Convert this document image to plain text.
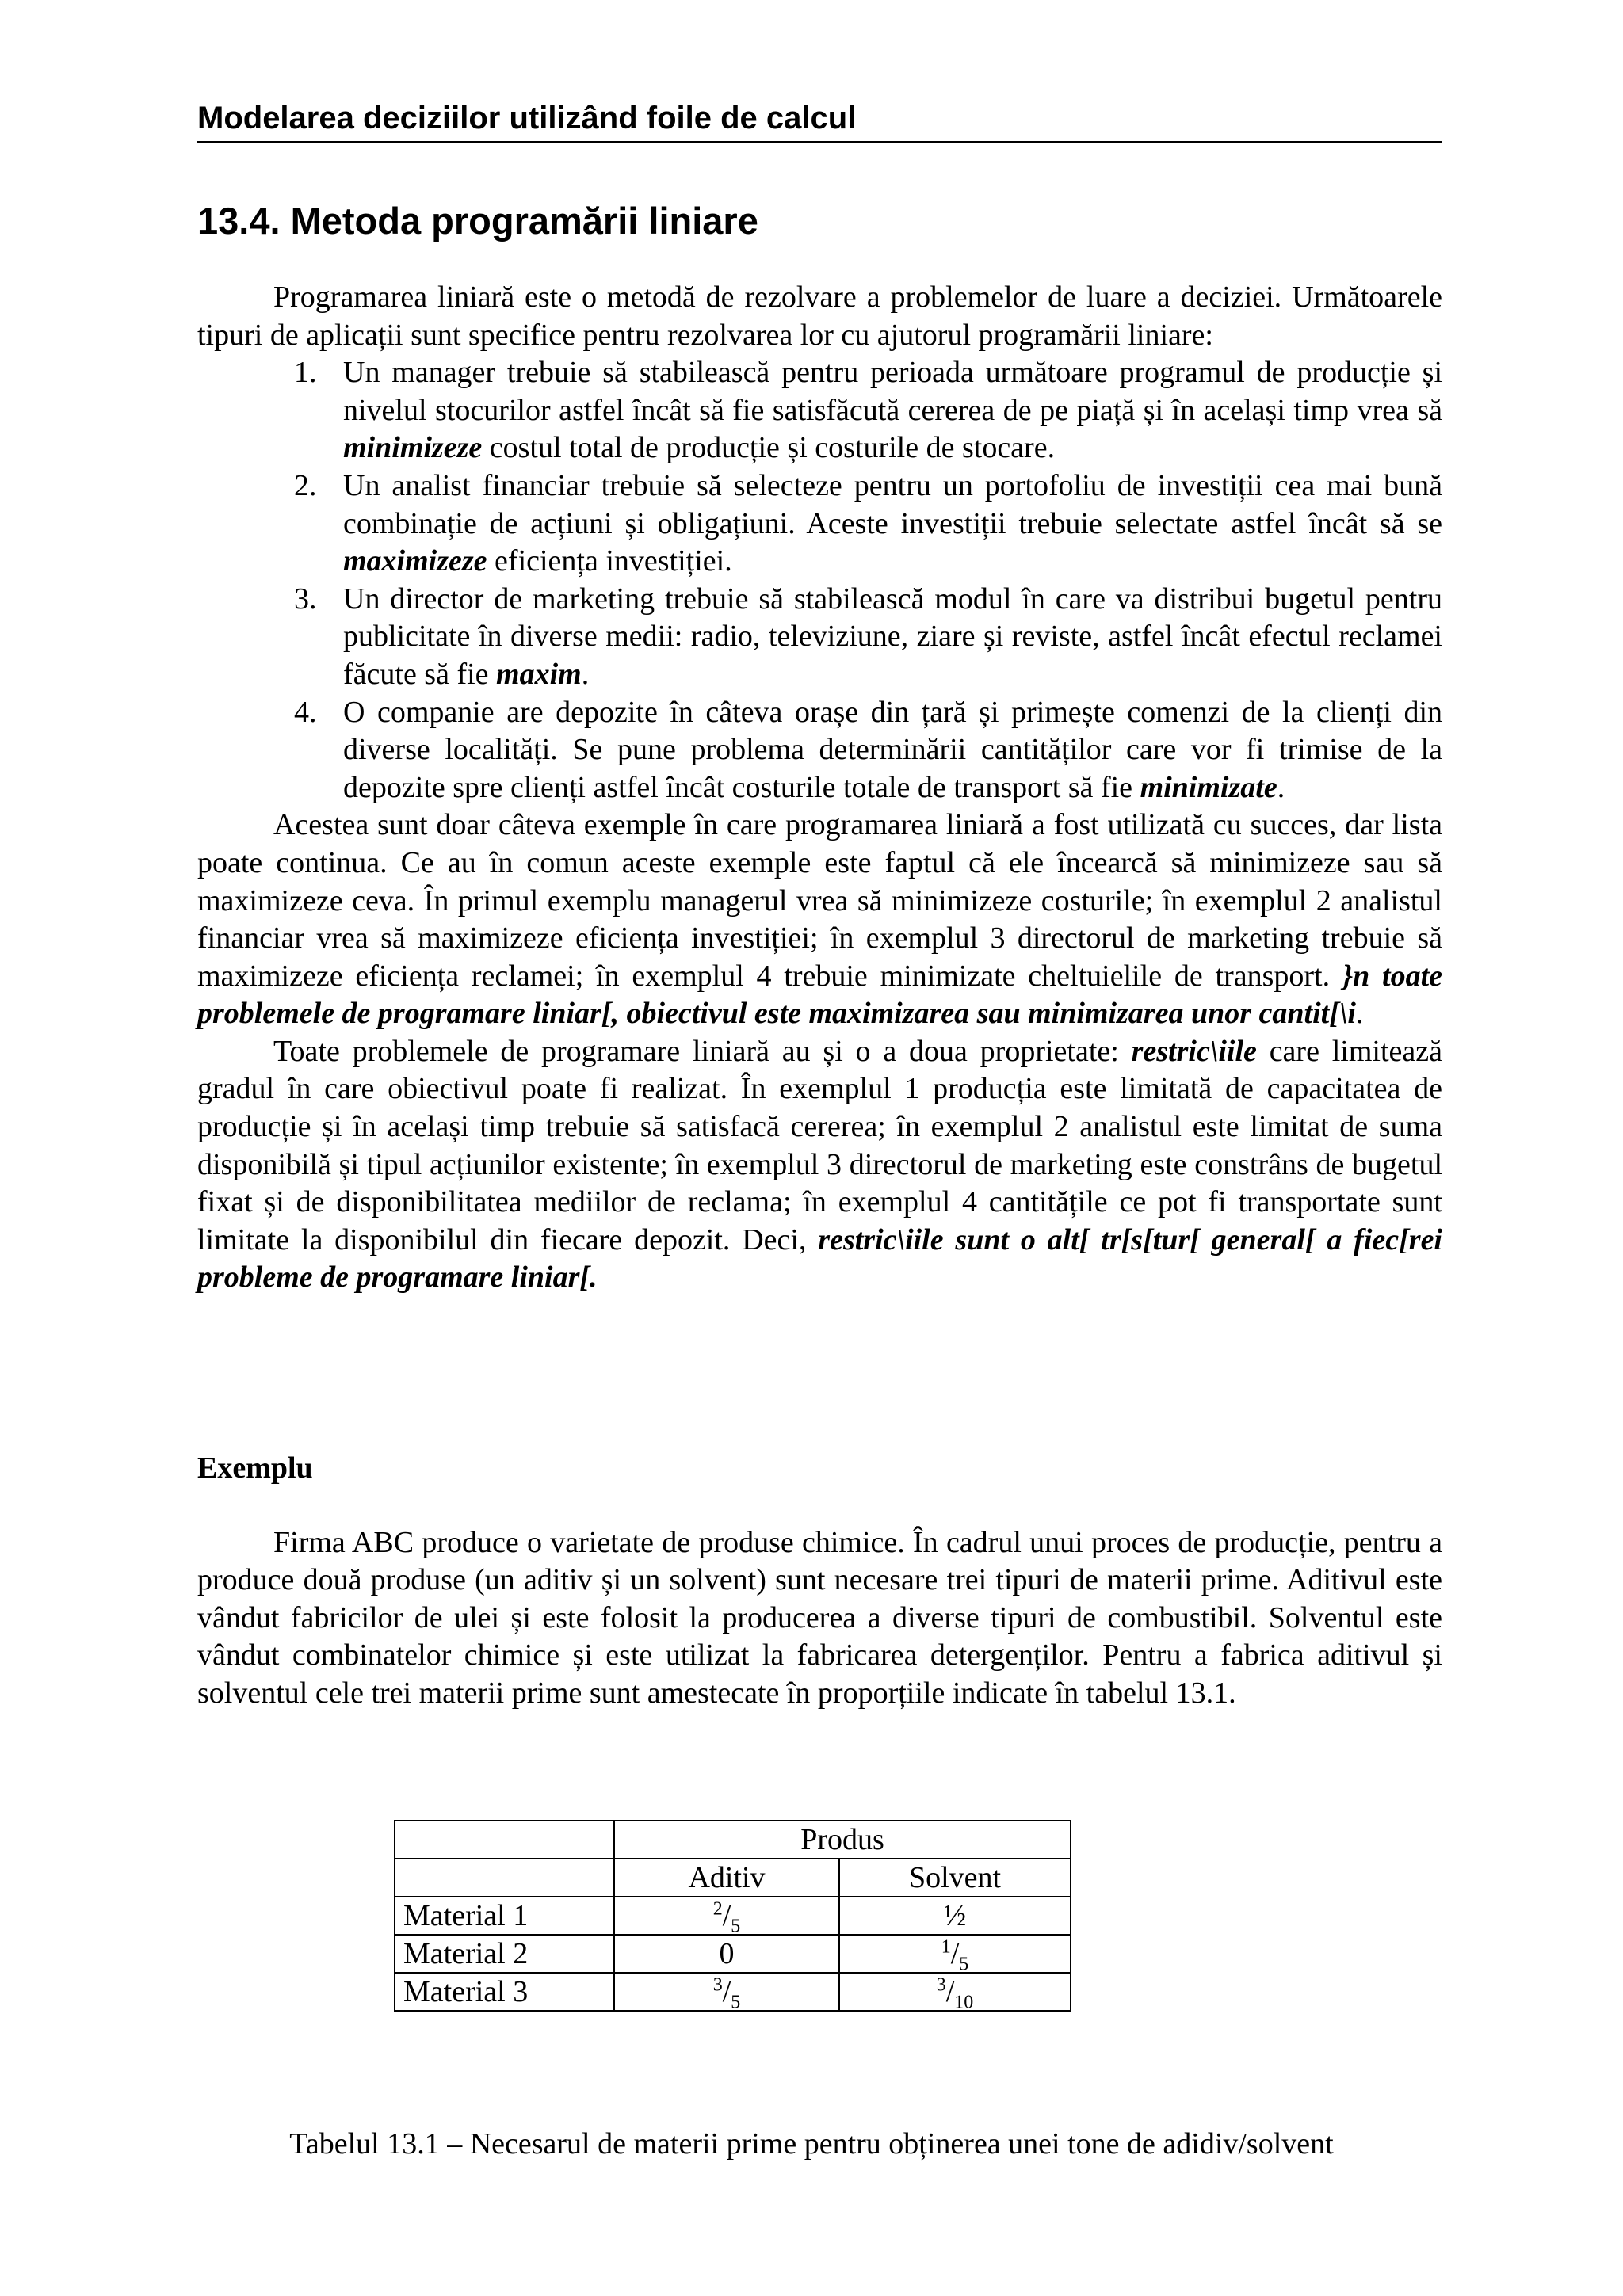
Modelarea deciziilor utilizând foile de calcul
13.4. Metoda programării liniare

Programarea liniară este o metodă de rezolvare a problemelor de luare a deciziei. Următoarele tipuri de aplicații sunt specifice pentru rezolvarea lor cu ajutorul programării liniare:

1. Un manager trebuie să stabilească pentru perioada următoare programul de producție și nivelul stocurilor astfel încât să fie satisfăcută cererea de pe piață și în același timp vrea să minimizeze costul total de producție și costurile de stocare.
2. Un analist financiar trebuie să selecteze pentru un portofoliu de investiții cea mai bună combinație de acțiuni și obligațiuni. Aceste investiții trebuie selectate astfel încât să se maximizeze eficiența investiției.
3. Un director de marketing trebuie să stabilească modul în care va distribui bugetul pentru publicitate în diverse medii: radio, televiziune, ziare și reviste, astfel încât efectul reclamei făcute să fie maxim.
4. O companie are depozite în câteva orașe din țară și primește comenzi de la clienți din diverse localități. Se pune problema determinării cantităților care vor fi trimise de la depozite spre clienți astfel încât costurile totale de transport să fie minimizate.

Acestea sunt doar câteva exemple în care programarea liniară a fost utilizată cu succes, dar lista poate continua. Ce au în comun aceste exemple este faptul că ele încearcă să minimizeze sau să maximizeze ceva. În primul exemplu managerul vrea să minimizeze costurile; în exemplul 2 analistul financiar vrea să maximizeze eficiența investiției; în exemplul 3 directorul de marketing trebuie să maximizeze eficiența reclamei; în exemplul 4 trebuie minimizate cheltuielile de transport. }n toate problemele de programare liniar[, obiectivul este maximizarea sau minimizarea unor cantit[\i.

Toate problemele de programare liniară au și o a doua proprietate: restric\iile care limitează gradul în care obiectivul poate fi realizat. În exemplul 1 producția este limitată de capacitatea de producție și în același timp trebuie să satisfacă cererea; în exemplul 2 analistul este limitat de suma disponibilă și tipul acțiunilor existente; în exemplul 3 directorul de marketing este constrâns de bugetul fixat și de disponibilitatea mediilor de reclama; în exemplul 4 cantitățile ce pot fi transportate sunt limitate la disponibilul din fiecare depozit. Deci, restric\iile sunt o alt[ tr[s[tur[ general[ a fiec[rei probleme de programare liniar[.

Exemplu

Firma ABC produce o varietate de produse chimice. În cadrul unui proces de producție, pentru a produce două produse (un aditiv și un solvent) sunt necesare trei tipuri de materii prime. Aditivul este vândut fabricilor de ulei și este folosit la producerea a diverse tipuri de combustibil. Solventul este vândut combinatelor chimice și este utilizat la fabricarea detergenților. Pentru a fabrica aditivul și solventul cele trei materii prime sunt amestecate în proporțiile indicate în tabelul 13.1.

	Produs	
	Aditiv	Solvent
Material 1	$^2/_5$	½
Material 2	0	$^1/_5$
Material 3	$^3/_5$	$^3/_{10}$
Tabelul 13.1 – Necesarul de materii prime pentru obținerea unei tone de adidiv/solvent
